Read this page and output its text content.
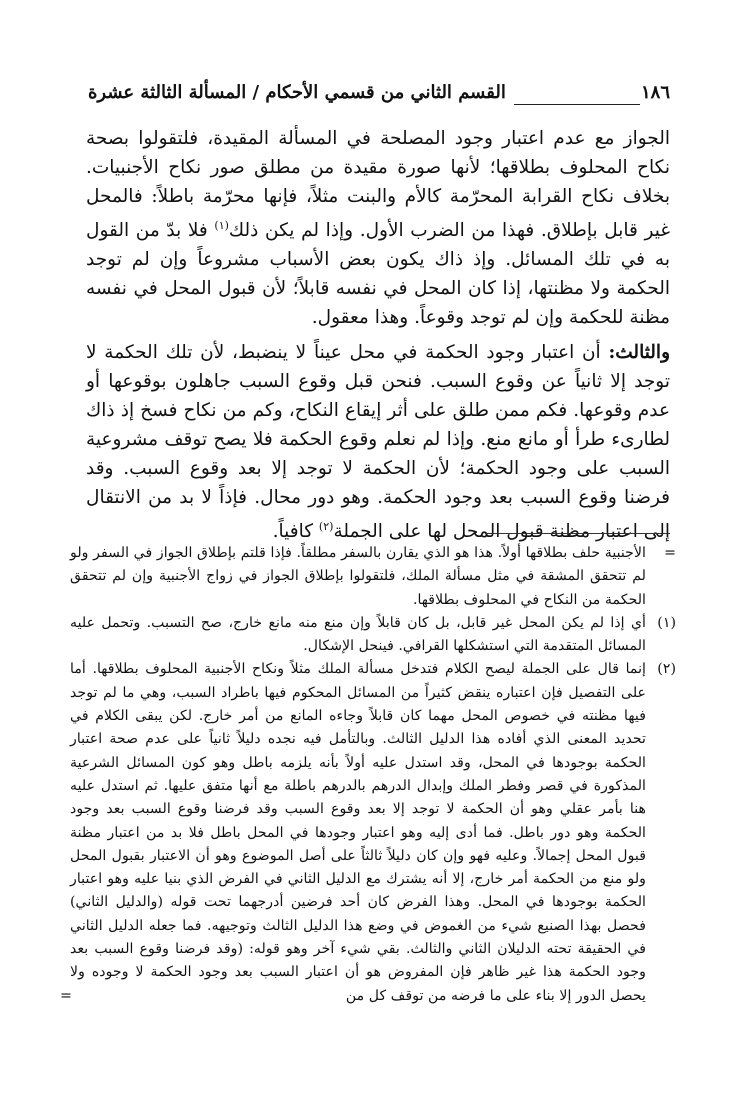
١٨٦
القسم الثاني من قسمي الأحكام / المسألة الثالثة عشرة

الجواز مع عدم اعتبار وجود المصلحة في المسألة المقيدة، فلتقولوا بصحة نكاح المحلوف بطلاقها؛ لأنها صورة مقيدة من مطلق صور نكاح الأجنبيات. بخلاف نكاح القرابة المحرّمة كالأم والبنت مثلاً، فإنها محرّمة باطلاً: فالمحل غير قابل بإطلاق. فهذا من الضرب الأول. وإذا لم يكن ذلك$^{(١)}$ فلا بدّ من القول به في تلك المسائل. وإذ ذاك يكون بعض الأسباب مشروعاً وإن لم توجد الحكمة ولا مظنتها، إذا كان المحل في نفسه قابلاً؛ لأن قبول المحل في نفسه مظنة للحكمة وإن لم توجد وقوعاً. وهذا معقول.

والثالث: أن اعتبار وجود الحكمة في محل عيناً لا ينضبط، لأن تلك الحكمة لا توجد إلا ثانياً عن وقوع السبب. فنحن قبل وقوع السبب جاهلون بوقوعها أو عدم وقوعها. فكم ممن طلق على أثر إيقاع النكاح، وكم من نكاح فسخ إذ ذاك لطارىء طرأ أو مانع منع. وإذا لم نعلم وقوع الحكمة فلا يصح توقف مشروعية السبب على وجود الحكمة؛ لأن الحكمة لا توجد إلا بعد وقوع السبب. وقد فرضنا وقوع السبب بعد وجود الحكمة. وهو دور محال. فإذاً لا بد من الانتقال إلى اعتبار مظنة قبول المحل لها على الجملة$^{(٢)}$ كافياً.

=
الأجنبية حلف بطلاقها أولاً. هذا هو الذي يقارن بالسفر مطلقاً. فإذا قلتم بإطلاق الجواز في السفر ولو لم تتحقق المشقة في مثل مسألة الملك، فلتقولوا بإطلاق الجواز في زواج الأجنبية وإن لم تتحقق الحكمة من النكاح في المحلوف بطلاقها.
(١)
أي إذا لم يكن المحل غير قابل، بل كان قابلاً وإن منع منه مانع خارج، صح التسبب. وتحمل عليه المسائل المتقدمة التي استشكلها القرافي. فينحل الإشكال.
(٢)
إنما قال على الجملة ليصح الكلام فتدخل مسألة الملك مثلاً ونكاح الأجنبية المحلوف بطلاقها. أما على التفصيل فإن اعتباره ينقض كثيراً من المسائل المحكوم فيها باطراد السبب، وهي ما لم توجد فيها مظنته في خصوص المحل مهما كان قابلاً وجاءه المانع من أمر خارج. لكن يبقى الكلام في تحديد المعنى الذي أفاده هذا الدليل الثالث. وبالتأمل فيه نجده دليلاً ثانياً على عدم صحة اعتبار الحكمة بوجودها في المحل، وقد استدل عليه أولاً بأنه يلزمه باطل وهو كون المسائل الشرعية المذكورة في قصر وفطر الملك وإبدال الدرهم بالدرهم باطلة مع أنها متفق عليها. ثم استدل عليه هنا بأمر عقلي وهو أن الحكمة لا توجد إلا بعد وقوع السبب وقد فرضنا وقوع السبب بعد وجود الحكمة وهو دور باطل. فما أدى إليه وهو اعتبار وجودها في المحل باطل فلا بد من اعتبار مظنة قبول المحل إجمالاً. وعليه فهو وإن كان دليلاً ثالثاً على أصل الموضوع وهو أن الاعتبار بقبول المحل ولو منع من الحكمة أمر خارج، إلا أنه يشترك مع الدليل الثاني في الفرض الذي بنيا عليه وهو اعتبار الحكمة بوجودها في المحل. وهذا الفرض كان أحد فرضين أدرجهما تحت قوله (والدليل الثاني) فحصل بهذا الصنيع شيء من الغموض في وضع هذا الدليل الثالث وتوجيهه. فما جعله الدليل الثاني في الحقيقة تحته الدليلان الثاني والثالث. بقي شيء آخر وهو قوله: (وقد فرضنا وقوع السبب بعد وجود الحكمة هذا غير ظاهر فإن المفروض هو أن اعتبار السبب بعد وجود الحكمة لا وجوده ولا يحصل الدور إلا بناء على ما فرضه من توقف كل من
=
